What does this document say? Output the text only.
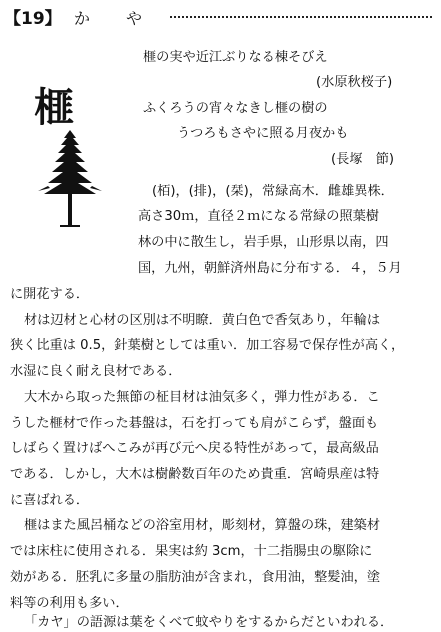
【19】 か　や
榧
榧の実や近江ぶりなる棟そびえ
(水原秋桜子)
ふくろうの宵々なきし榧の樹の
うつろもさやに照る月夜かも
(長塚　節)
(栢)，(排)，(栞)，常緑高木．雌雄異株．
高さ30ｍ，直径２ｍになる常緑の照葉樹
林の中に散生し，岩手県，山形県以南，四
国，九州，朝鮮済州島に分布する．４，５月
に開花する．
材は辺材と心材の区別は不明瞭．黄白色で香気あり，年輪は
狭く比重は 0.5，針葉樹としては重い．加工容易で保存性が高く，
水湿に良く耐え良材である．
大木から取った無節の柾目材は油気多く，弾力性がある．こ
うした榧材で作った碁盤は，石を打っても肩がこらず，盤面も
しばらく置けばへこみが再び元へ戻る特性があって，最高級品
である．しかし，大木は樹齢数百年のため貴重．宮崎県産は特
に喜ばれる．
榧はまた風呂桶などの浴室用材，彫刻材，算盤の珠，建築材
では床柱に使用される．果実は約 3cm，十二指腸虫の駆除に
効がある．胚乳に多量の脂肪油が含まれ，食用油，整髪油，塗
料等の利用も多い．
「カヤ」の語源は葉をくべて蚊やりをするからだといわれる．
